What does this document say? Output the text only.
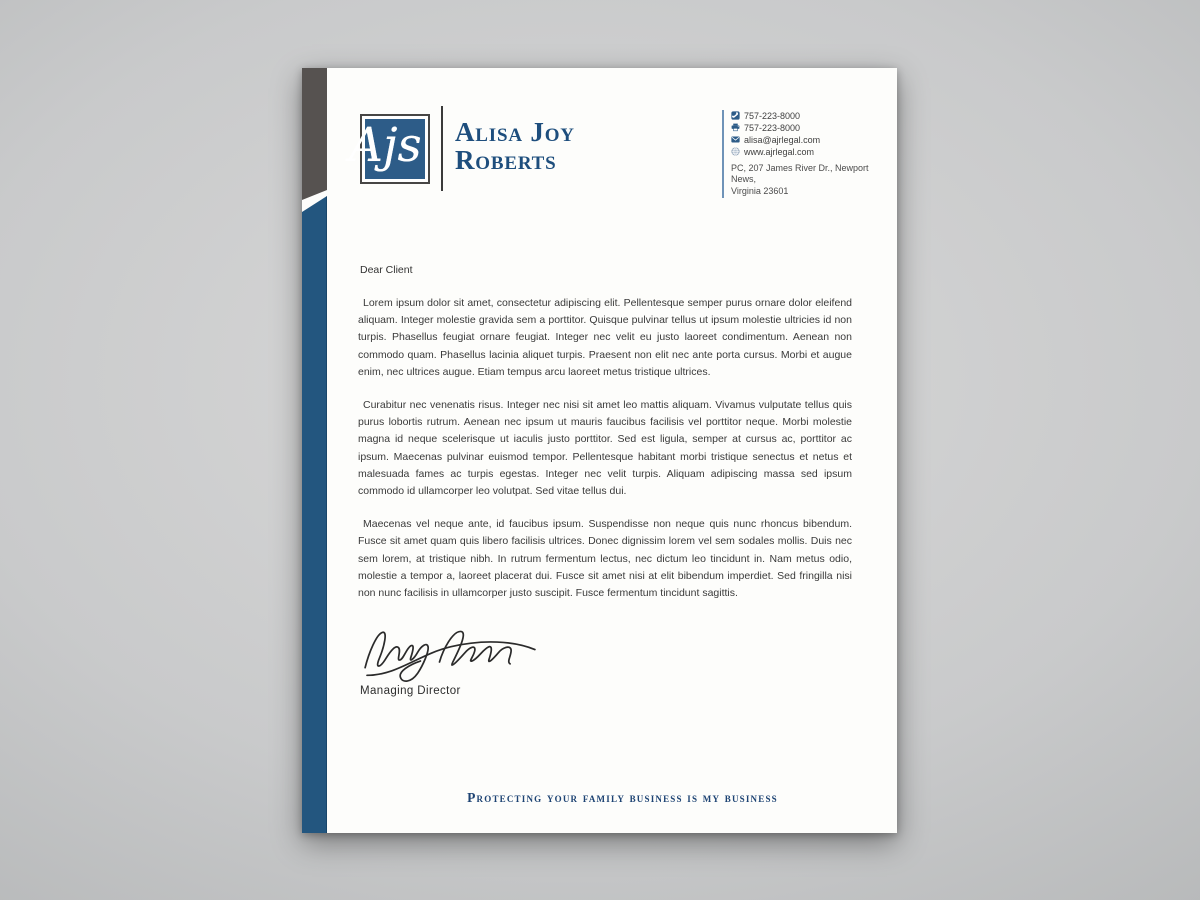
Ajs Alisa Joy
Roberts
757-223-8000
757-223-8000
alisa@ajrlegal.com
www.ajrlegal.com
PC, 207 James River Dr., Newport News,
Virginia 23601
Dear Client

Lorem ipsum dolor sit amet, consectetur adipiscing elit. Pellentesque semper purus ornare dolor eleifend aliquam. Integer molestie gravida sem a porttitor. Quisque pulvinar tellus ut ipsum molestie ultricies id non turpis. Phasellus feugiat ornare feugiat. Integer nec velit eu justo laoreet condimentum. Aenean non commodo quam. Phasellus lacinia aliquet turpis. Praesent non elit nec ante porta cursus. Morbi et augue enim, nec ultrices augue. Etiam tempus arcu laoreet metus tristique ultrices.

Curabitur nec venenatis risus. Integer nec nisi sit amet leo mattis aliquam. Vivamus vulputate tellus quis purus lobortis rutrum. Aenean nec ipsum ut mauris faucibus facilisis vel porttitor neque. Morbi molestie magna id neque scelerisque ut iaculis justo porttitor. Sed est ligula, semper at cursus ac, porttitor ac ipsum. Maecenas pulvinar euismod tempor. Pellentesque habitant morbi tristique senectus et netus et malesuada fames ac turpis egestas. Integer nec velit turpis. Aliquam adipiscing massa sed ipsum commodo id ullamcorper leo volutpat. Sed vitae tellus dui.

Maecenas vel neque ante, id faucibus ipsum. Suspendisse non neque quis nunc rhoncus bibendum. Fusce sit amet quam quis libero facilisis ultrices. Donec dignissim lorem vel sem sodales mollis. Duis nec sem lorem, at tristique nibh. In rutrum fermentum lectus, nec dictum leo tincidunt in. Nam metus odio, molestie a tempor a, laoreet placerat dui. Fusce sit amet nisi at elit bibendum imperdiet. Sed fringilla nisi non nunc facilisis in ullamcorper justo suscipit. Fusce fermentum tincidunt sagittis.

Managing Director
Protecting your family business is my business
